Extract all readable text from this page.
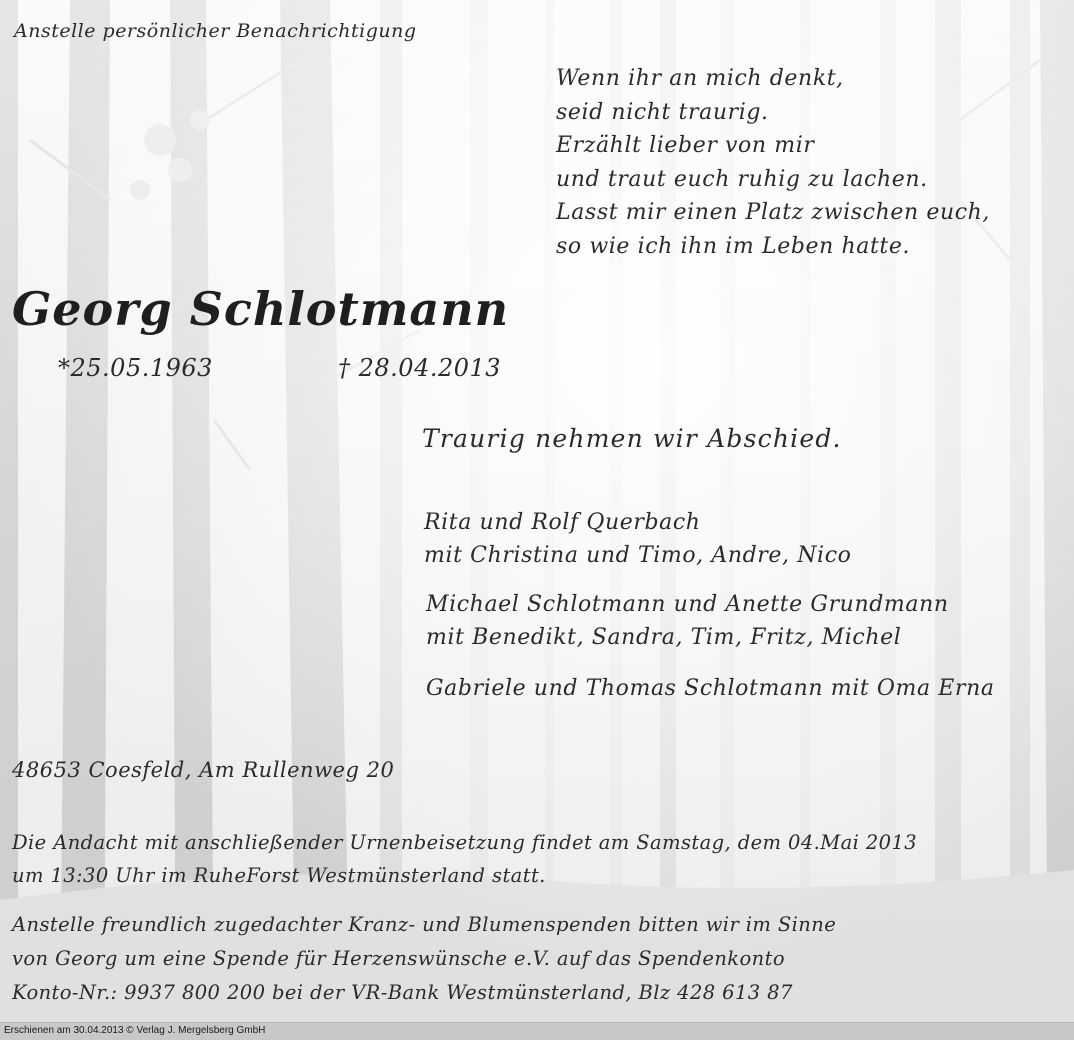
Anstelle persönlicher Benachrichtigung

Wenn ihr an mich denkt,
seid nicht traurig.
Erzählt lieber von mir
und traut euch ruhig zu lachen.
Lasst mir einen Platz zwischen euch,
so wie ich ihn im Leben hatte.
Georg Schlotmann
*25.05.1963	† 28.04.2013

Traurig nehmen wir Abschied.

Rita und Rolf Querbach
mit Christina und Timo, Andre, Nico
Michael Schlotmann und Anette Grundmann
mit Benedikt, Sandra, Tim, Fritz, Michel
Gabriele und Thomas Schlotmann mit Oma Erna

48653 Coesfeld, Am Rullenweg 20

Die Andacht mit anschließender Urnenbeisetzung findet am Samstag, dem 04.Mai 2013
um 13:30 Uhr im RuheForst Westmünsterland statt.
Anstelle freundlich zugedachter Kranz- und Blumenspenden bitten wir im Sinne
von Georg um eine Spende für Herzenswünsche e.V. auf das Spendenkonto
Konto-Nr.: 9937 800 200 bei der VR-Bank Westmünsterland, Blz 428 613 87
Erschienen am 30.04.2013 © Verlag J. Mergelsberg GmbH
